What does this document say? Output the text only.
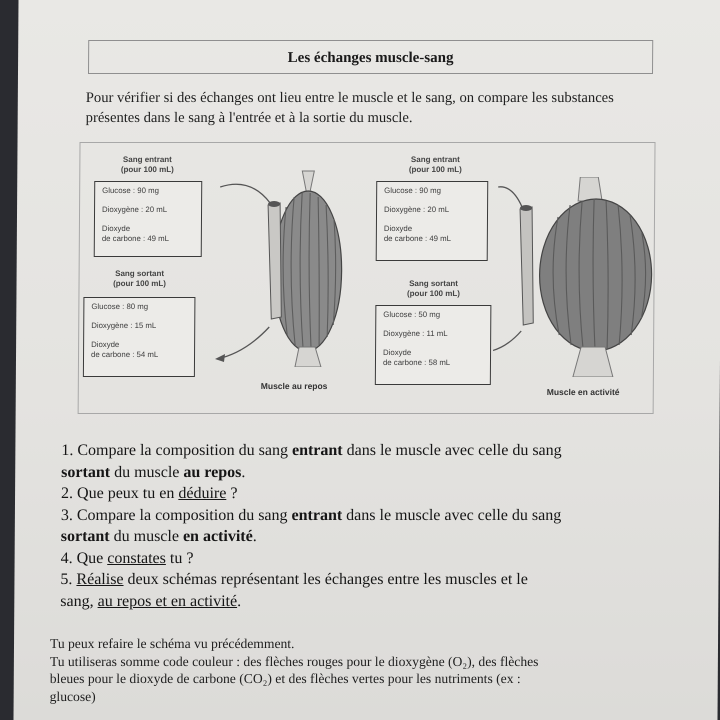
Les échanges muscle-sang
Pour vérifier si des échanges ont lieu entre le muscle et le sang, on compare les substances présentes dans le sang à l'entrée et à la sortie du muscle.
Sang entrant
(pour 100 mL)
Glucose : 90 mg
Dioxygène : 20 mL
Dioxyde
de carbone : 49 mL
Sang sortant
(pour 100 mL)
Glucose : 80 mg
Dioxygène : 15 mL
Dioxyde
de carbone : 54 mL
Muscle au repos
Sang entrant
(pour 100 mL)
Glucose : 90 mg
Dioxygène : 20 mL
Dioxyde
de carbone : 49 mL
Sang sortant
(pour 100 mL)
Glucose : 50 mg
Dioxygène : 11 mL
Dioxyde
de carbone : 58 mL
Muscle en activité
1. Compare la composition du sang entrant dans le muscle avec celle du sang
sortant du muscle au repos.
2. Que peux tu en déduire ?
3. Compare la composition du sang entrant dans le muscle avec celle du sang
sortant du muscle en activité.
4. Que constates tu ?
5. Réalise deux schémas représentant les échanges entre les muscles et le
sang, au repos et en activité.
Tu peux refaire le schéma vu précédemment.
Tu utiliseras somme code couleur : des flèches rouges pour le dioxygène (O₂), des flèches
bleues pour le dioxyde de carbone (CO₂) et des flèches vertes pour les nutriments (ex :
glucose)
